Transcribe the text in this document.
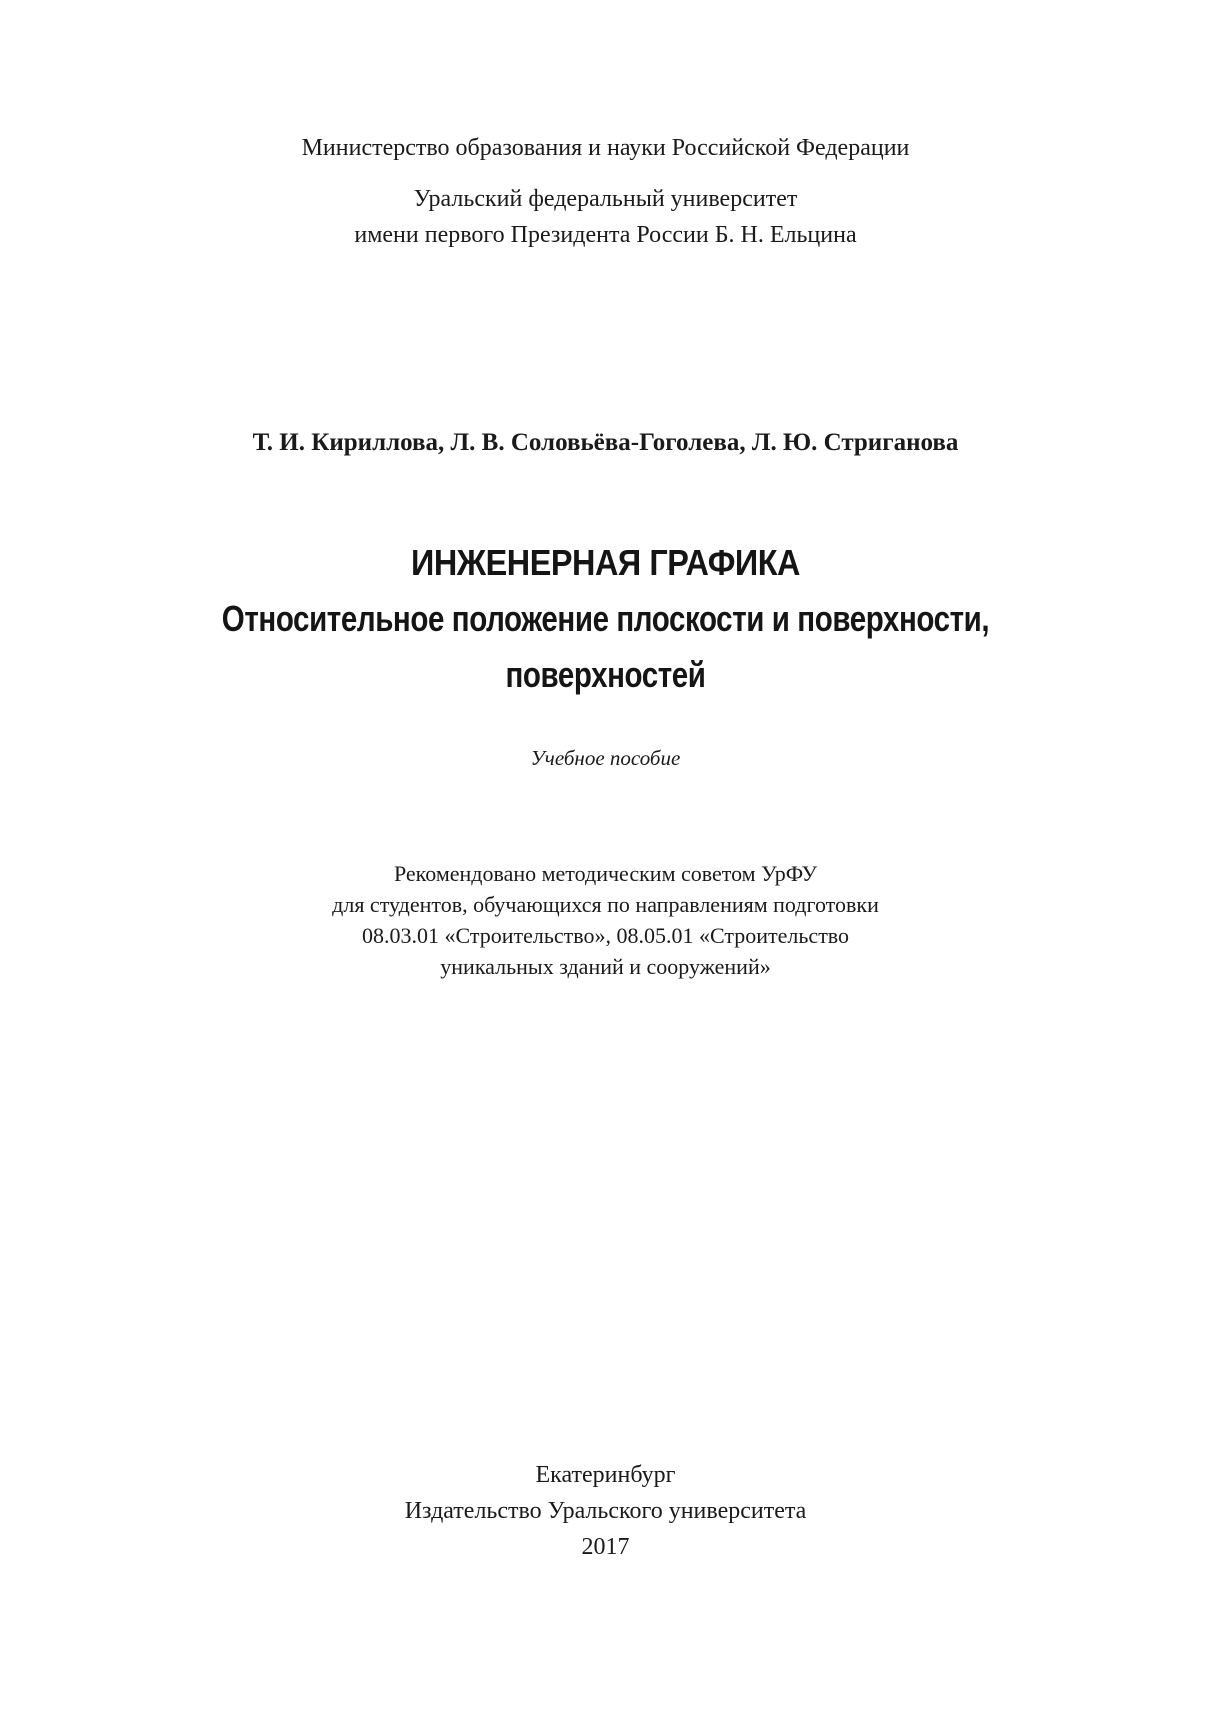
Министерство образования и науки Российской Федерации
Уральский федеральный университет
имени первого Президента России Б. Н. Ельцина
Т. И. Кириллова, Л. В. Соловьёва-Гоголева, Л. Ю. Стриганова
ИНЖЕНЕРНАЯ ГРАФИКА
Относительное положение плоскости и поверхности,
поверхностей
Учебное пособие
Рекомендовано методическим советом УрФУ
для студентов, обучающихся по направлениям подготовки
08.03.01 «Строительство», 08.05.01 «Строительство
уникальных зданий и сооружений»
Екатеринбург
Издательство Уральского университета
2017
